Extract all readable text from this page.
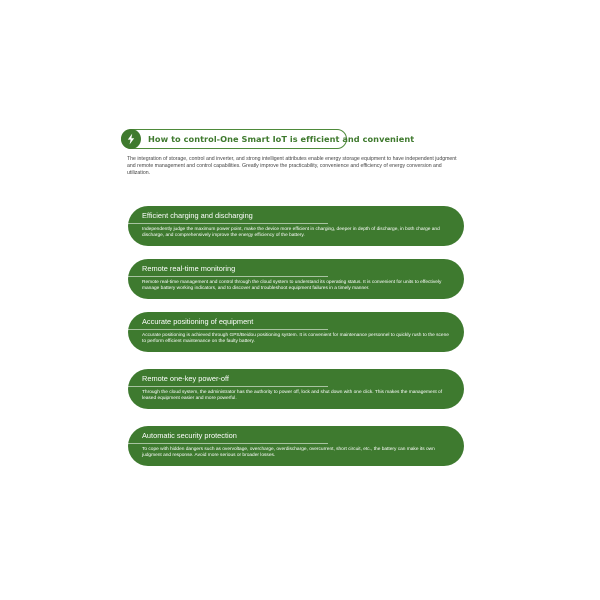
How to control-One Smart IoT is efficient and convenient

The integration of storage, control and inverter, and strong intelligent attributes enable energy storage equipment to have independent judgment and remote management and control capabilities. Greatly improve the practicability, convenience and efficiency of energy conversion and utilization.

Efficient charging and discharging

Independently judge the maximum power point, make the device more efficient in charging, deeper in depth of discharge, in both charge and discharge, and comprehensively improve the energy efficiency of the battery.

Remote real-time monitoring

Remote real-time management and control through the cloud system to understand its operating status. It is convenient for units to effectively manage battery working indicators, and to discover and troubleshoot equipment failures in a timely manner.

Accurate positioning of equipment

Accurate positioning is achieved through GPS/Beidou positioning system. It is convenient for maintenance personnel to quickly rush to the scene to perform efficient maintenance on the faulty battery.

Remote one-key power-off

Through the cloud system, the administrator has the authority to power off, lock and shut down with one click. This makes the management of leased equipment easier and more powerful.

Automatic security protection

To cope with hidden dangers such as overvoltage, overcharge, overdischarge, overcurrent, short circuit, etc., the battery can make its own judgment and response. Avoid more serious or broader losses.
